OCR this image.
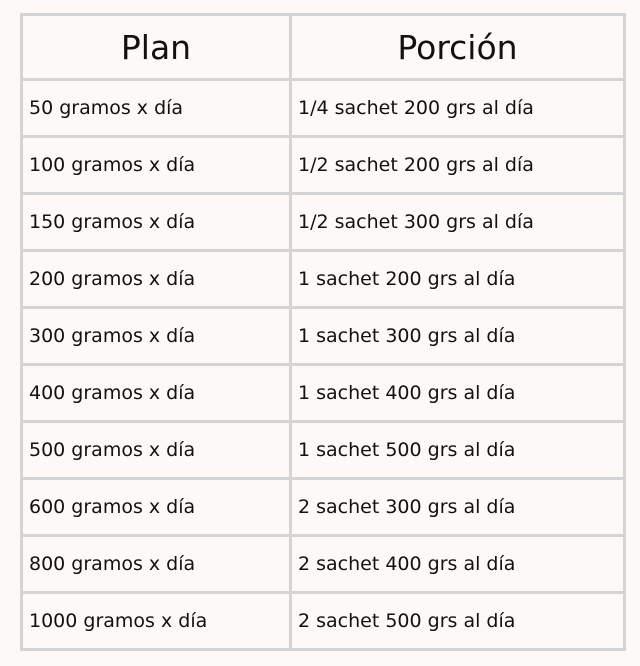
Plan	Porción
50 gramos x día	1/4 sachet 200 grs al día
100 gramos x día	1/2 sachet 200 grs al día
150 gramos x día	1/2 sachet 300 grs al día
200 gramos x día	1 sachet 200 grs al día
300 gramos x día	1 sachet 300 grs al día
400 gramos x día	1 sachet 400 grs al día
500 gramos x día	1 sachet 500 grs al día
600 gramos x día	2 sachet 300 grs al día
800 gramos x día	2 sachet 400 grs al día
1000 gramos x día	2 sachet 500 grs al día
